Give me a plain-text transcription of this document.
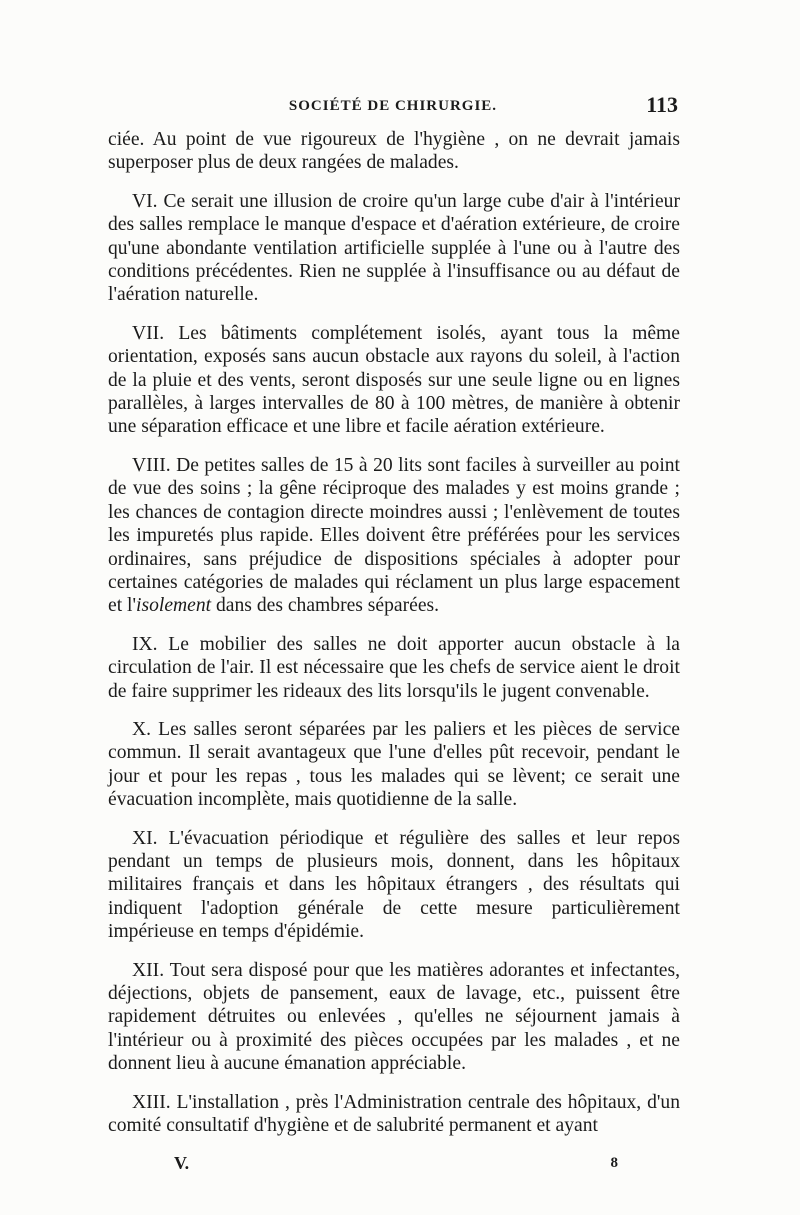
SOCIÉTÉ DE CHIRURGIE.	113

ciée. Au point de vue rigoureux de l'hygiène , on ne devrait jamais superposer plus de deux rangées de malades.

VI. Ce serait une illusion de croire qu'un large cube d'air à l'intérieur des salles remplace le manque d'espace et d'aération extérieure, de croire qu'une abondante ventilation artificielle supplée à l'une ou à l'autre des conditions précédentes. Rien ne supplée à l'insuffisance ou au défaut de l'aération naturelle.

VII. Les bâtiments complétement isolés, ayant tous la même orientation, exposés sans aucun obstacle aux rayons du soleil, à l'action de la pluie et des vents, seront disposés sur une seule ligne ou en lignes parallèles, à larges intervalles de 80 à 100 mètres, de manière à obtenir une séparation efficace et une libre et facile aération extérieure.

VIII. De petites salles de 15 à 20 lits sont faciles à surveiller au point de vue des soins ; la gêne réciproque des malades y est moins grande ; les chances de contagion directe moindres aussi ; l'enlèvement de toutes les impuretés plus rapide. Elles doivent être préférées pour les services ordinaires, sans préjudice de dispositions spéciales à adopter pour certaines catégories de malades qui réclament un plus large espacement et l'isolement dans des chambres séparées.

IX. Le mobilier des salles ne doit apporter aucun obstacle à la circulation de l'air. Il est nécessaire que les chefs de service aient le droit de faire supprimer les rideaux des lits lorsqu'ils le jugent convenable.

X. Les salles seront séparées par les paliers et les pièces de service commun. Il serait avantageux que l'une d'elles pût recevoir, pendant le jour et pour les repas , tous les malades qui se lèvent; ce serait une évacuation incomplète, mais quotidienne de la salle.

XI. L'évacuation périodique et régulière des salles et leur repos pendant un temps de plusieurs mois, donnent, dans les hôpitaux militaires français et dans les hôpitaux étrangers , des résultats qui indiquent l'adoption générale de cette mesure particulièrement impérieuse en temps d'épidémie.

XII. Tout sera disposé pour que les matières adorantes et infectantes, déjections, objets de pansement, eaux de lavage, etc., puissent être rapidement détruites ou enlevées , qu'elles ne séjournent jamais à l'intérieur ou à proximité des pièces occupées par les malades , et ne donnent lieu à aucune émanation appréciable.

XIII. L'installation , près l'Administration centrale des hôpitaux, d'un comité consultatif d'hygiène et de salubrité permanent et ayant

V.	8
